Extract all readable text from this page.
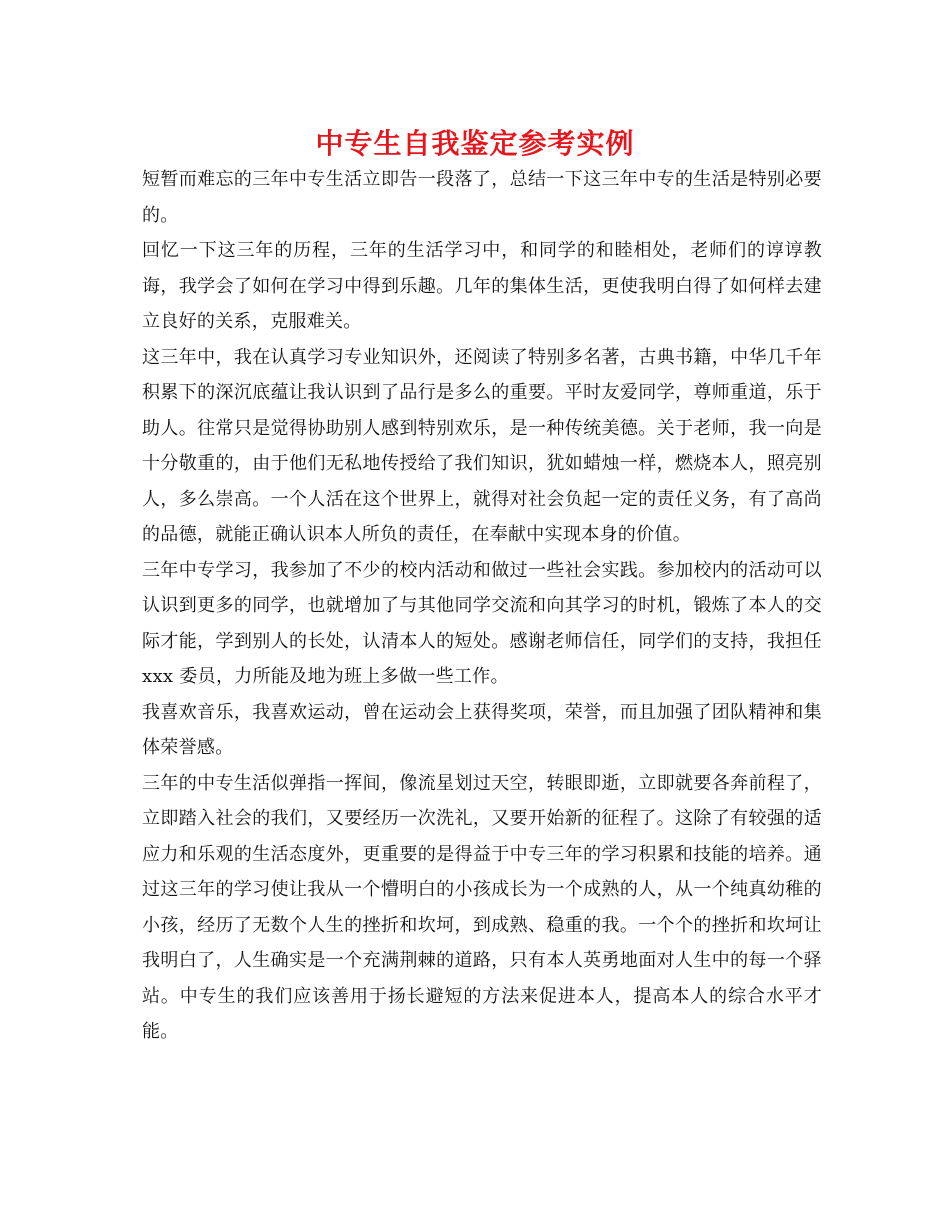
中专生自我鉴定参考实例

短暂而难忘的三年中专生活立即告一段落了，总结一下这三年中专的生活是特别必要的。

回忆一下这三年的历程，三年的生活学习中，和同学的和睦相处，老师们的谆谆教诲，我学会了如何在学习中得到乐趣。几年的集体生活，更使我明白得了如何样去建立良好的关系，克服难关。

这三年中，我在认真学习专业知识外，还阅读了特别多名著，古典书籍，中华几千年积累下的深沉底蕴让我认识到了品行是多么的重要。平时友爱同学，尊师重道，乐于助人。往常只是觉得协助别人感到特别欢乐，是一种传统美德。关于老师，我一向是十分敬重的，由于他们无私地传授给了我们知识，犹如蜡烛一样，燃烧本人，照亮别人，多么崇高。一个人活在这个世界上，就得对社会负起一定的责任义务，有了高尚的品德，就能正确认识本人所负的责任，在奉献中实现本身的价值。

三年中专学习，我参加了不少的校内活动和做过一些社会实践。参加校内的活动可以认识到更多的同学，也就增加了与其他同学交流和向其学习的时机，锻炼了本人的交际才能，学到别人的长处，认清本人的短处。感谢老师信任，同学们的支持，我担任 xxx 委员，力所能及地为班上多做一些工作。

我喜欢音乐，我喜欢运动，曾在运动会上获得奖项，荣誉，而且加强了团队精神和集体荣誉感。

三年的中专生活似弹指一挥间，像流星划过天空，转眼即逝，立即就要各奔前程了，立即踏入社会的我们，又要经历一次洗礼，又要开始新的征程了。这除了有较强的适应力和乐观的生活态度外，更重要的是得益于中专三年的学习积累和技能的培养。通过这三年的学习使让我从一个懵明白的小孩成长为一个成熟的人，从一个纯真幼稚的小孩，经历了无数个人生的挫折和坎坷，到成熟、稳重的我。一个个的挫折和坎坷让我明白了，人生确实是一个充满荆棘的道路，只有本人英勇地面对人生中的每一个驿站。中专生的我们应该善用于扬长避短的方法来促进本人，提高本人的综合水平才能。
